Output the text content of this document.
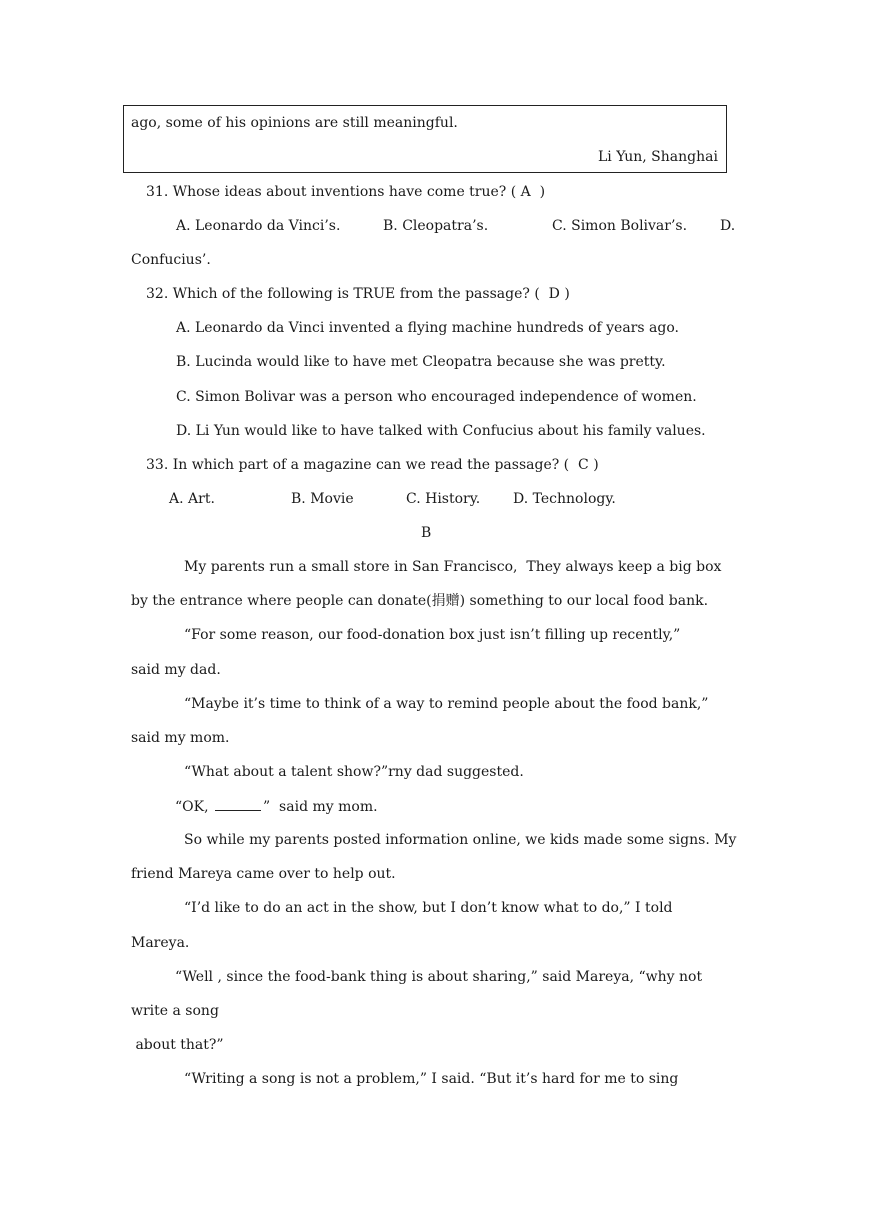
ago, some of his opinions are still meaningful.
Li Yun, Shanghai
31. Whose ideas about inventions have come true? ( A  )
A. Leonardo da Vinci’s.	B. Cleopatra’s.	C. Simon Bolivar’s. D.
Confucius’.
32. Which of the following is TRUE from the passage? (  D )
A. Leonardo da Vinci invented a flying machine hundreds of years ago.
B. Lucinda would like to have met Cleopatra because she was pretty.
C. Simon Bolivar was a person who encouraged independence of women.
D. Li Yun would like to have talked with Confucius about his family values.
33. In which part of a magazine can we read the passage? (  C )
A. Art.	B. Movie	C. History. D. Technology.
B
My parents run a small store in San Francisco,  They always keep a big box
by the entrance where people can donate(捐赠) something to our local food bank.
“For some reason, our food-donation box just isn’t filling up recently,”
said my dad.
“Maybe it’s time to think of a way to remind people about the food bank,”
said my mom.
“What about a talent show?”rny dad suggested.
“OK,	”  said my mom.
So while my parents posted information online, we kids made some signs. My
friend Mareya came over to help out.
“I’d like to do an act in the show, but I don’t know what to do,” I told
Mareya.
“Well , since the food-bank thing is about sharing,” said Mareya, “why not
write a song
about that?”
“Writing a song is not a problem,” I said. “But it’s hard for me to sing
